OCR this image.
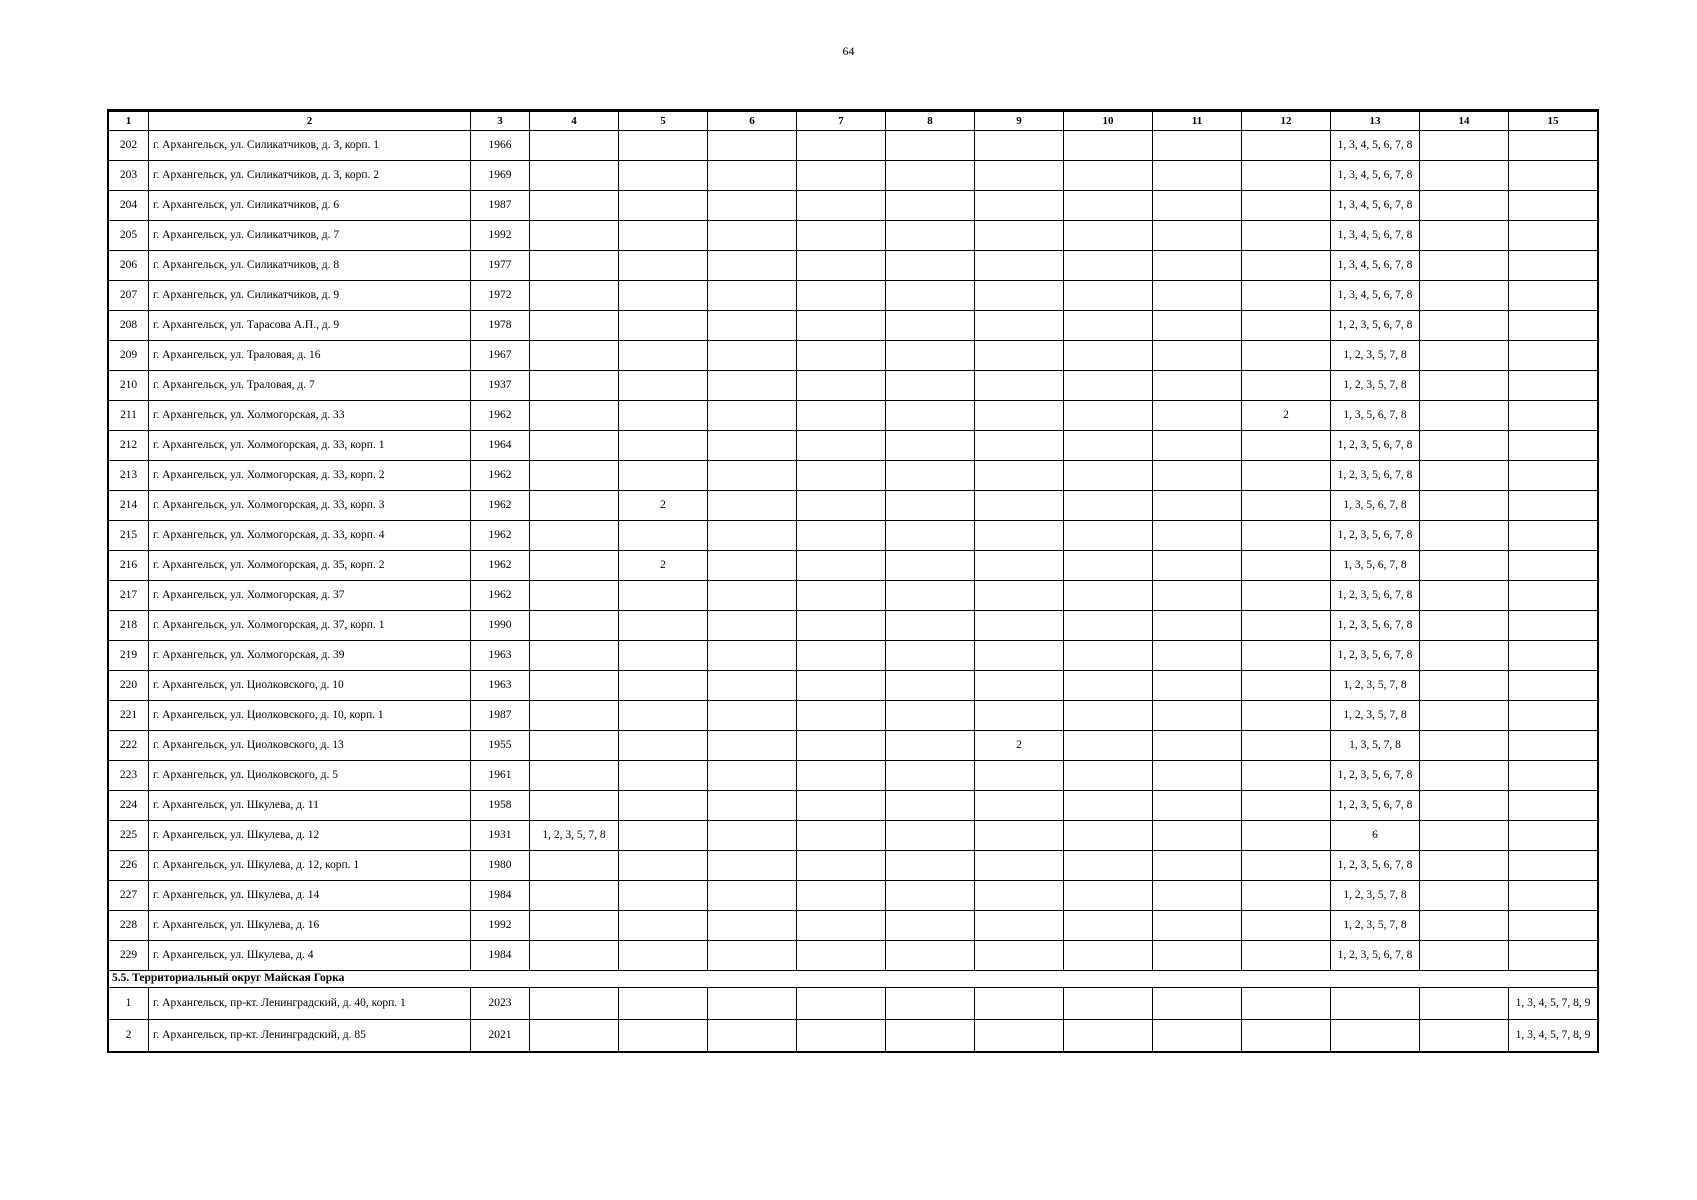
64
1	2	3	4	5	6	7	8	9	10	11	12	13	14	15
202	г. Архангельск, ул. Силикатчиков, д. 3, корп. 1	1966										1, 3, 4, 5, 6, 7, 8		
203	г. Архангельск, ул. Силикатчиков, д. 3, корп. 2	1969										1, 3, 4, 5, 6, 7, 8		
204	г. Архангельск, ул. Силикатчиков, д. 6	1987										1, 3, 4, 5, 6, 7, 8		
205	г. Архангельск, ул. Силикатчиков, д. 7	1992										1, 3, 4, 5, 6, 7, 8		
206	г. Архангельск, ул. Силикатчиков, д. 8	1977										1, 3, 4, 5, 6, 7, 8		
207	г. Архангельск, ул. Силикатчиков, д. 9	1972										1, 3, 4, 5, 6, 7, 8		
208	г. Архангельск, ул. Тарасова А.П., д. 9	1978										1, 2, 3, 5, 6, 7, 8		
209	г. Архангельск, ул. Траловая, д. 16	1967										1, 2, 3, 5, 7, 8		
210	г. Архангельск, ул. Траловая, д. 7	1937										1, 2, 3, 5, 7, 8		
211	г. Архангельск, ул. Холмогорская, д. 33	1962									2	1, 3, 5, 6, 7, 8		
212	г. Архангельск, ул. Холмогорская, д. 33, корп. 1	1964										1, 2, 3, 5, 6, 7, 8		
213	г. Архангельск, ул. Холмогорская, д. 33, корп. 2	1962										1, 2, 3, 5, 6, 7, 8		
214	г. Архангельск, ул. Холмогорская, д. 33, корп. 3	1962		2								1, 3, 5, 6, 7, 8		
215	г. Архангельск, ул. Холмогорская, д. 33, корп. 4	1962										1, 2, 3, 5, 6, 7, 8		
216	г. Архангельск, ул. Холмогорская, д. 35, корп. 2	1962		2								1, 3, 5, 6, 7, 8		
217	г. Архангельск, ул. Холмогорская, д. 37	1962										1, 2, 3, 5, 6, 7, 8		
218	г. Архангельск, ул. Холмогорская, д. 37, корп. 1	1990										1, 2, 3, 5, 6, 7, 8		
219	г. Архангельск, ул. Холмогорская, д. 39	1963										1, 2, 3, 5, 6, 7, 8		
220	г. Архангельск, ул. Циолковского, д. 10	1963										1, 2, 3, 5, 7, 8		
221	г. Архангельск, ул. Циолковского, д. 10, корп. 1	1987										1, 2, 3, 5, 7, 8		
222	г. Архангельск, ул. Циолковского, д. 13	1955						2				1, 3, 5, 7, 8		
223	г. Архангельск, ул. Циолковского, д. 5	1961										1, 2, 3, 5, 6, 7, 8		
224	г. Архангельск, ул. Шкулева, д. 11	1958										1, 2, 3, 5, 6, 7, 8		
225	г. Архангельск, ул. Шкулева, д. 12	1931	1, 2, 3, 5, 7, 8									6		
226	г. Архангельск, ул. Шкулева, д. 12, корп. 1	1980										1, 2, 3, 5, 6, 7, 8		
227	г. Архангельск, ул. Шкулева, д. 14	1984										1, 2, 3, 5, 7, 8		
228	г. Архангельск, ул. Шкулева, д. 16	1992										1, 2, 3, 5, 7, 8		
229	г. Архангельск, ул. Шкулева, д. 4	1984										1, 2, 3, 5, 6, 7, 8		
5.5. Территориальный округ Майская Горка														
1	г. Архангельск, пр-кт. Ленинградский, д. 40, корп. 1	2023												1, 3, 4, 5, 7, 8, 9
2	г. Архангельск, пр-кт. Ленинградский, д. 85	2021												1, 3, 4, 5, 7, 8, 9
